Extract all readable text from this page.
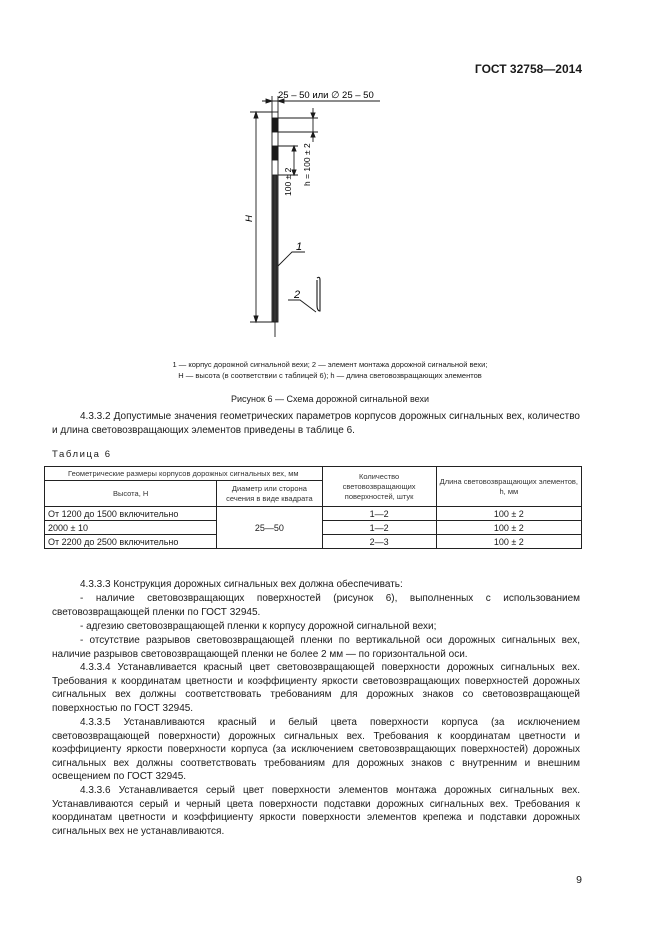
ГОСТ 32758—2014
25 – 50 или ∅ 25 – 50
H
100 ± 2 h = 100 ± 2
1
2
1 — корпус дорожной сигнальной вехи; 2 — элемент монтажа дорожной сигнальной вехи;
H — высота (в соответствии с таблицей 6); h — длина световозвращающих элементов
Рисунок 6 — Схема дорожной сигнальной вехи

4.3.3.2 Допустимые значения геометрических параметров корпусов дорожных сигнальных вех, количество и длина световозвращающих элементов приведены в таблице 6.

Таблица 6
Геометрические размеры корпусов дорожных сигнальных вех, мм		Количество световозвращающих поверхностей, штук	Длина световозвращающих элементов, h, мм
Высота, H	Диаметр или сторона сечения в виде квадрата		
От 1200 до 1500 включительно	25—50	1—2	100 ± 2
2000 ± 10		1—2	100 ± 2
От 2200 до 2500 включительно		2—3	100 ± 2

4.3.3.3 Конструкция дорожных сигнальных вех должна обеспечивать:

- наличие световозвращающих поверхностей (рисунок 6), выполненных с использованием световозвращающей пленки по ГОСТ 32945.

- адгезию световозвращающей пленки к корпусу дорожной сигнальной вехи;

- отсутствие разрывов световозвращающей пленки по вертикальной оси дорожных сигнальных вех, наличие разрывов световозвращающей пленки не более 2 мм — по горизонтальной оси.

4.3.3.4 Устанавливается красный цвет световозвращающей поверхности дорожных сигнальных вех. Требования к координатам цветности и коэффициенту яркости световозвращающих поверхностей дорожных сигнальных вех должны соответствовать требованиям для дорожных знаков со световозвращающей поверхностью по ГОСТ 32945.

4.3.3.5 Устанавливаются красный и белый цвета поверхности корпуса (за исключением световозвращающей поверхности) дорожных сигнальных вех. Требования к координатам цветности и коэффициенту яркости поверхности корпуса (за исключением световозвращающих поверхностей) дорожных сигнальных вех должны соответствовать требованиям для дорожных знаков с внутренним и внешним освещением по ГОСТ 32945.

4.3.3.6 Устанавливается серый цвет поверхности элементов монтажа дорожных сигнальных вех. Устанавливаются серый и черный цвета поверхности подставки дорожных сигнальных вех. Требования к координатам цветности и коэффициенту яркости поверхности элементов крепежа и подставки дорожных сигнальных вех не устанавливаются.

9
